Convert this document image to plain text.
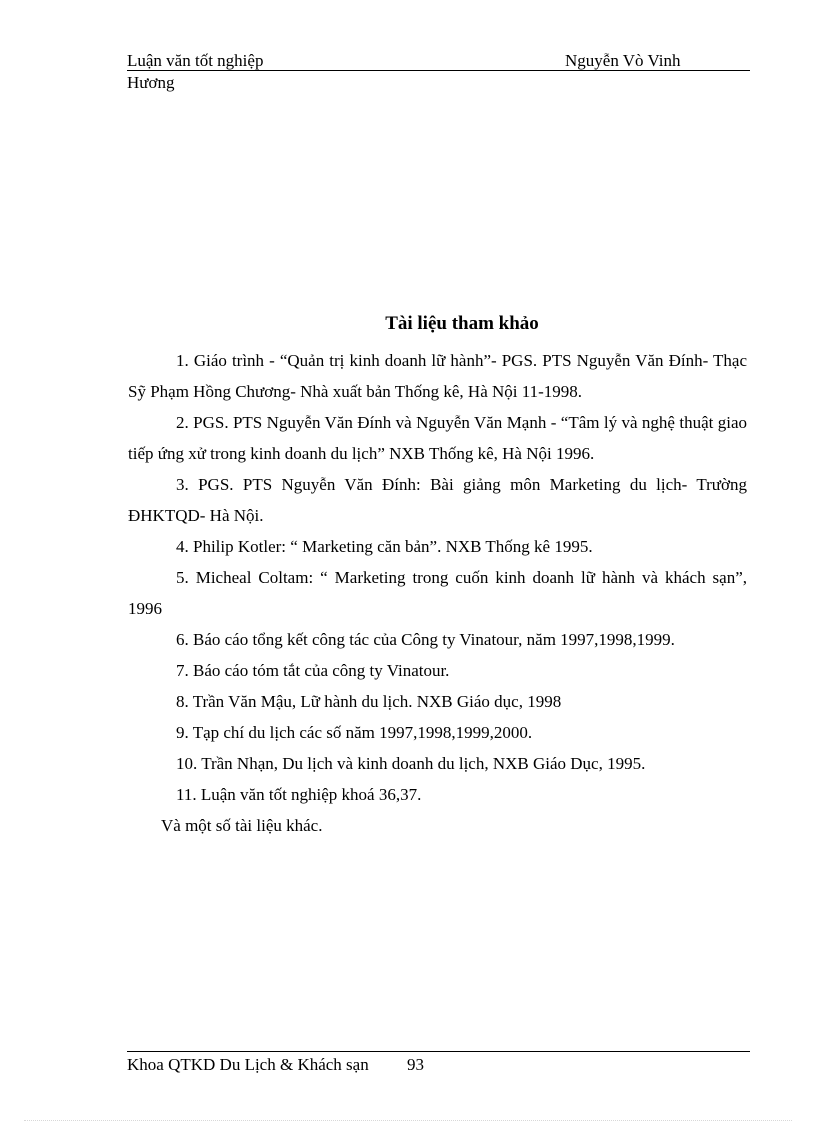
Luận văn tốt nghiệp	Nguyễn Vò Vinh
Hương
Tài liệu tham khảo

1. Giáo trình - “Quản trị kinh doanh lữ hành”- PGS. PTS Nguyễn Văn Đính- Thạc Sỹ Phạm Hồng Chương- Nhà xuất bản Thống kê, Hà Nội 11-1998.

2. PGS. PTS Nguyễn Văn Đính và Nguyễn Văn Mạnh - “Tâm lý và nghệ thuật giao tiếp ứng xử trong kinh doanh du lịch” NXB Thống kê, Hà Nội 1996.

3. PGS. PTS Nguyễn Văn Đính: Bài giảng môn Marketing du lịch- Trường ĐHKTQD- Hà Nội.

4. Philip Kotler: “ Marketing căn bản”. NXB Thống kê 1995.

5. Micheal Coltam: “ Marketing trong cuốn kinh doanh lữ hành và khách sạn”, 1996

6. Báo cáo tổng kết công tác của Công ty Vinatour, năm 1997,1998,1999.

7. Báo cáo tóm tắt của công ty Vinatour.

8. Trần Văn Mậu, Lữ hành du lịch. NXB Giáo dục, 1998

9. Tạp chí du lịch các số năm 1997,1998,1999,2000.

10. Trần Nhạn, Du lịch và kinh doanh du lịch, NXB Giáo Dục, 1995.

11. Luận văn tốt nghiệp khoá 36,37.

Và một số tài liệu khác.

Khoa QTKD Du Lịch & Khách sạn 93
